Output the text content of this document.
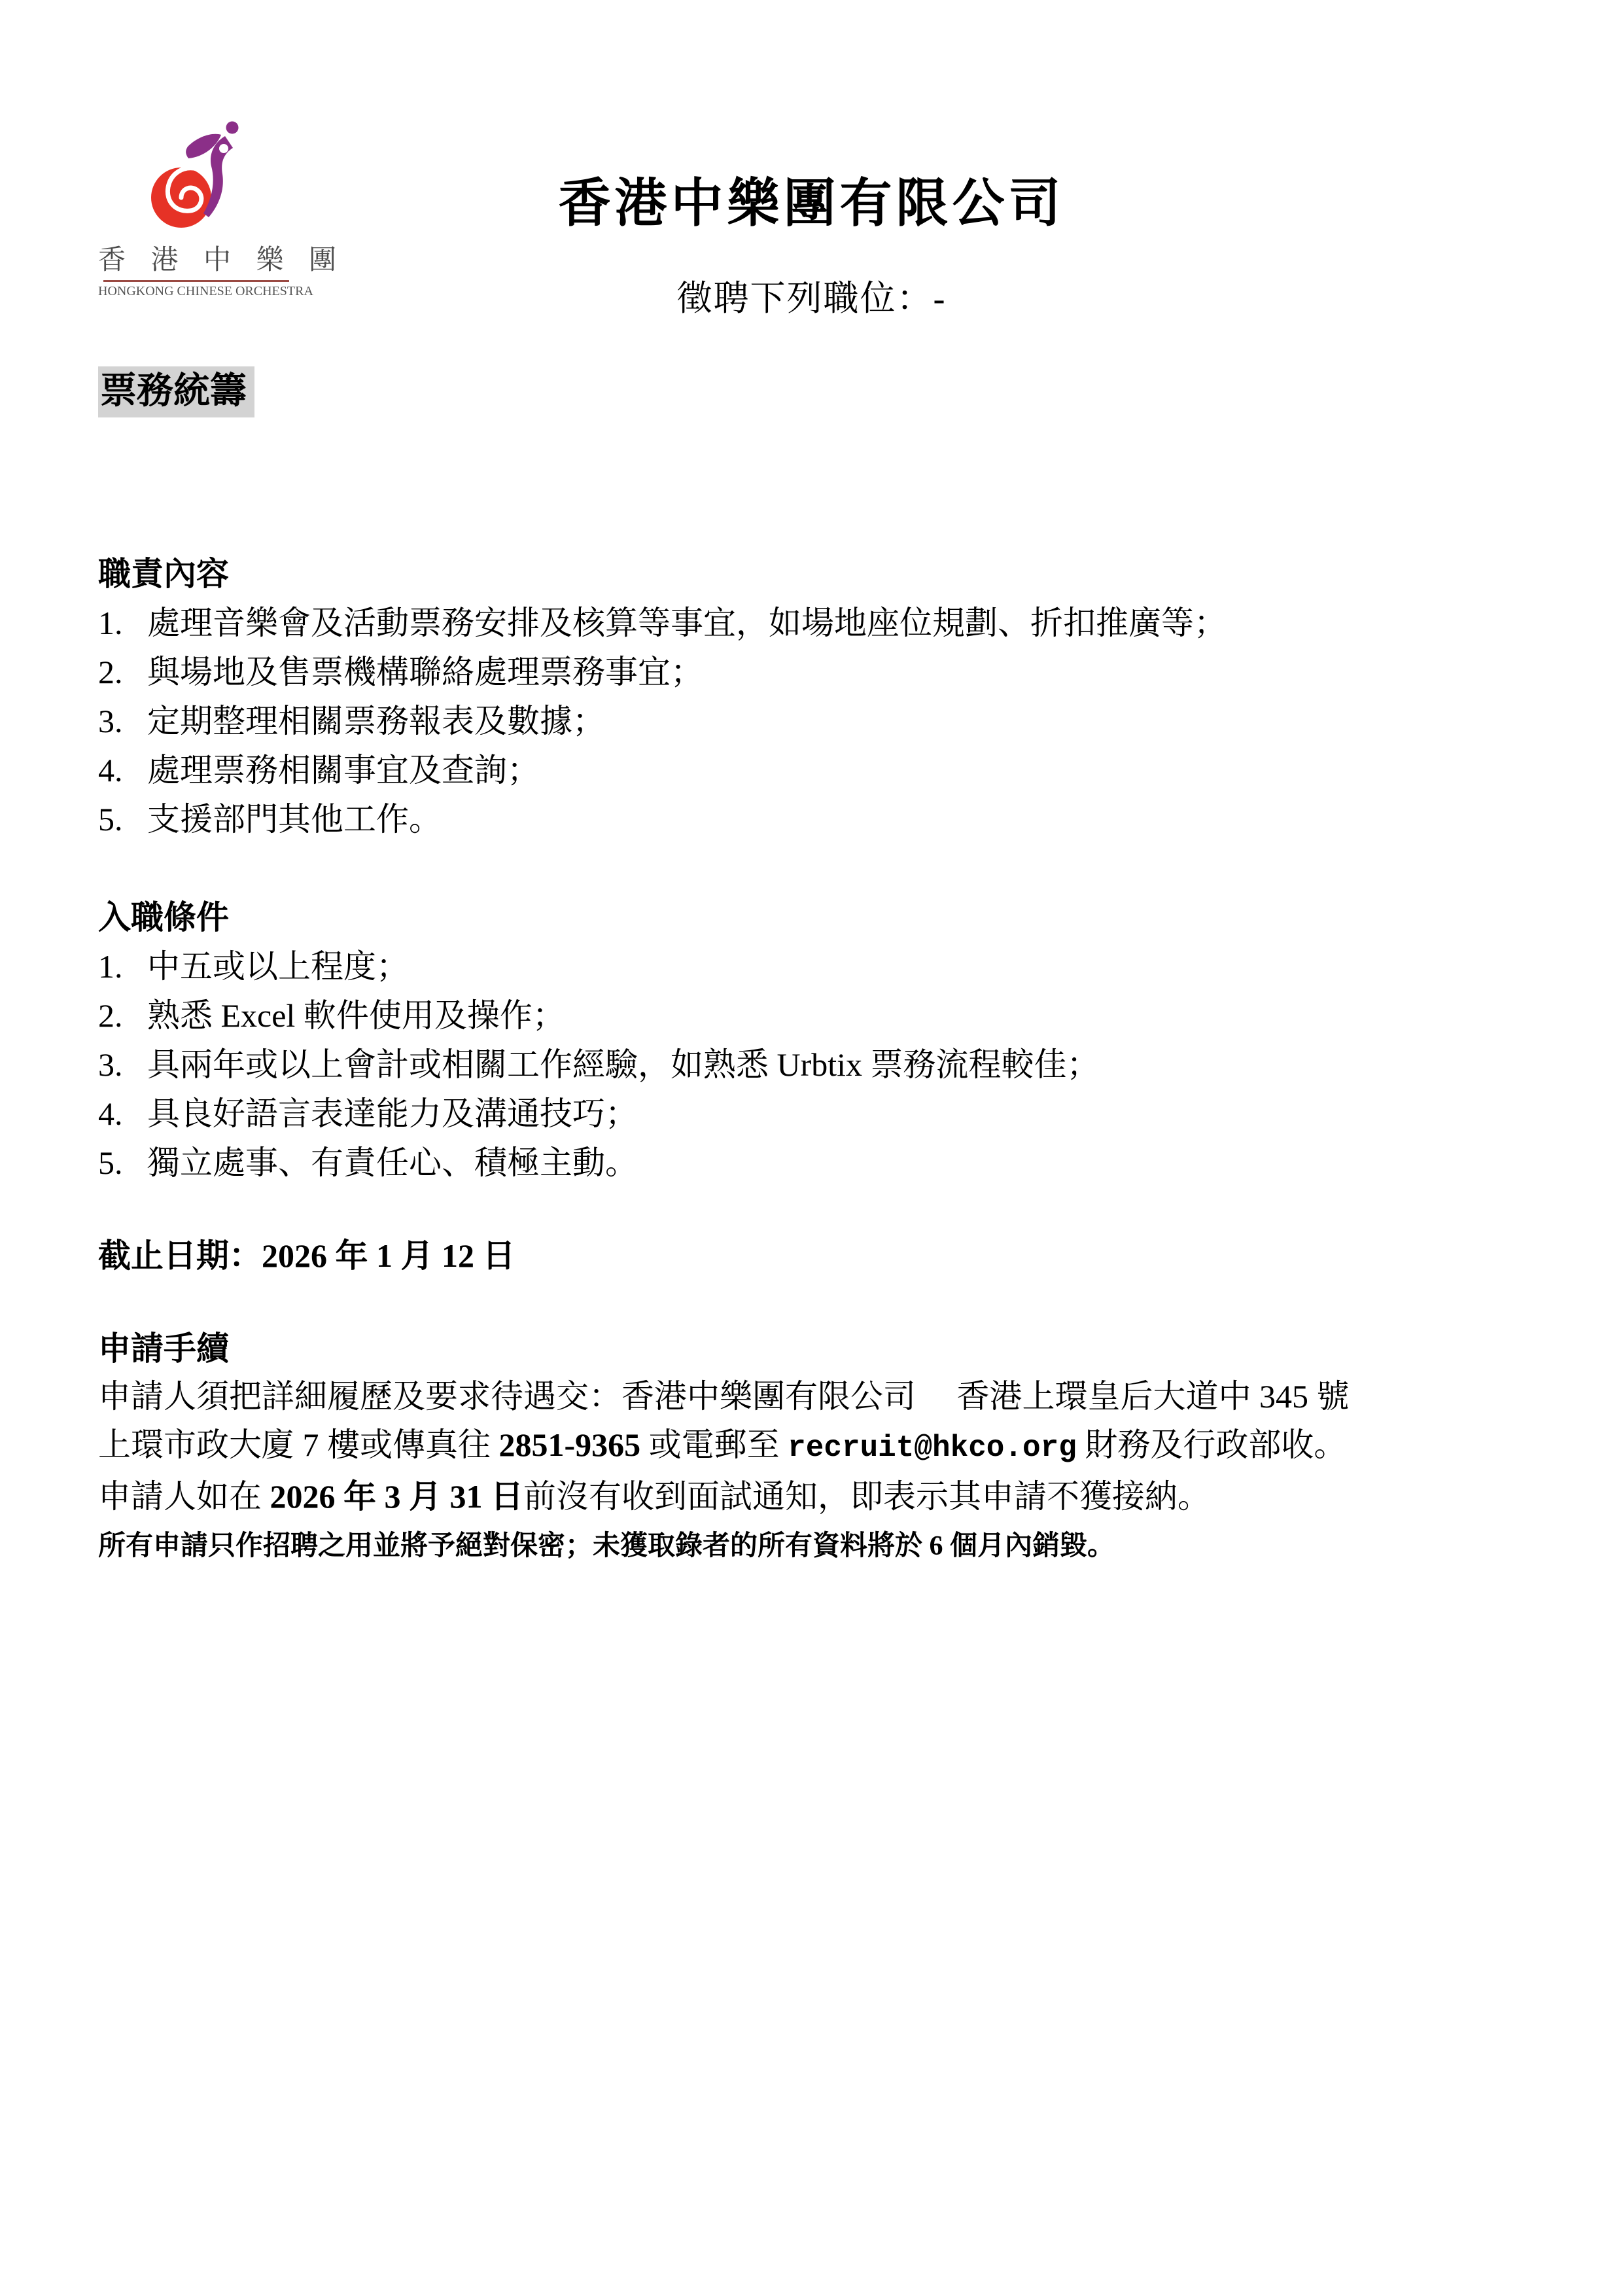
香 港 中 樂 團
HONGKONG CHINESE ORCHESTRA
香港中樂團有限公司
徵聘下列職位：-
票務統籌
職責內容
1. 處理音樂會及活動票務安排及核算等事宜，如場地座位規劃、折扣推廣等；
2. 與場地及售票機構聯絡處理票務事宜；
3. 定期整理相關票務報表及數據；
4. 處理票務相關事宜及查詢；
5. 支援部門其他工作。
入職條件
1. 中五或以上程度；
2. 熟悉 Excel 軟件使用及操作；
3. 具兩年或以上會計或相關工作經驗，如熟悉 Urbtix 票務流程較佳；
4. 具良好語言表達能力及溝通技巧；
5. 獨立處事、有責任心、積極主動。
截止日期：2026 年 1 月 12 日
申請手續
申請人須把詳細履歷及要求待遇交：香港中樂團有限公司　 香港上環皇后大道中 345 號
上環市政大廈 7 樓或傳真往 2851-9365 或電郵至 recruit@hkco.org 財務及行政部收。
申請人如在 2026 年 3 月 31 日前沒有收到面試通知，即表示其申請不獲接納。
所有申請只作招聘之用並將予絕對保密；未獲取錄者的所有資料將於 6 個月內銷毀。
